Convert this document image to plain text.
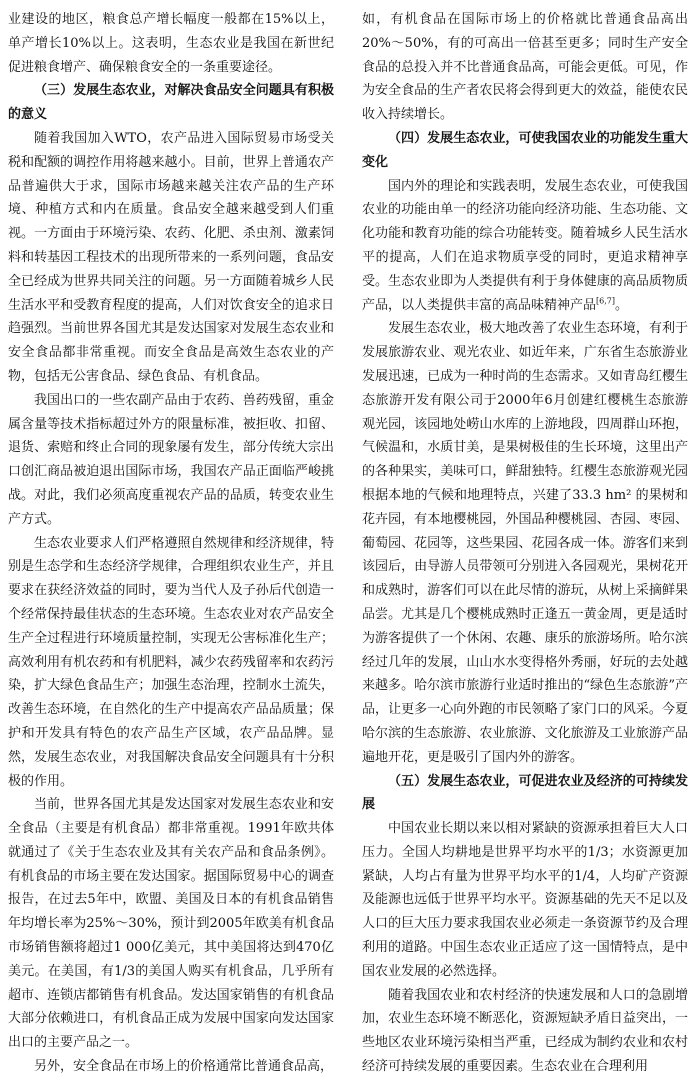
业建设的地区，粮食总产增长幅度一般都在15%以上，单产增长10%以上。这表明，生态农业是我国在新世纪促进粮食增产、确保粮食安全的一条重要途径。

（三）发展生态农业，对解决食品安全问题具有积极的意义

随着我国加入WTO，农产品进入国际贸易市场受关税和配额的调控作用将越来越小。目前，世界上普通农产品普遍供大于求，国际市场越来越关注农产品的生产环境、种植方式和内在质量。食品安全越来越受到人们重视。一方面由于环境污染、农药、化肥、杀虫剂、激素饲料和转基因工程技术的出现所带来的一系列问题，食品安全已经成为世界共同关注的问题。另一方面随着城乡人民生活水平和受教育程度的提高，人们对饮食安全的追求日趋强烈。当前世界各国尤其是发达国家对发展生态农业和安全食品都非常重视。而安全食品是高效生态农业的产物，包括无公害食品、绿色食品、有机食品。

我国出口的一些农副产品由于农药、兽药残留，重金属含量等技术指标超过外方的限量标准，被拒收、扣留、退货、索赔和终止合同的现象屡有发生，部分传统大宗出口创汇商品被迫退出国际市场，我国农产品正面临严峻挑战。对此，我们必须高度重视农产品的品质，转变农业生产方式。

生态农业要求人们严格遵照自然规律和经济规律，特别是生态学和生态经济学规律，合理组织农业生产，并且要求在获经济效益的同时，要为当代人及子孙后代创造一个经常保持最佳状态的生态环境。生态农业对农产品安全生产全过程进行环境质量控制，实现无公害标准化生产；高效利用有机农药和有机肥料，减少农药残留率和农药污染，扩大绿色食品生产；加强生态治理，控制水土流失，改善生态环境，在自然化的生产中提高农产品品质量；保护和开发具有特色的农产品生产区域，农产品品牌。显然，发展生态农业，对我国解决食品安全问题具有十分积极的作用。

当前，世界各国尤其是发达国家对发展生态农业和安全食品（主要是有机食品）都非常重视。1991年欧共体就通过了《关于生态农业及其有关农产品和食品条例》。有机食品的市场主要在发达国家。据国际贸易中心的调查报告，在过去5年中，欧盟、美国及日本的有机食品销售年均增长率为25%～30%，预计到2005年欧美有机食品市场销售额将超过1 000亿美元，其中美国将达到470亿美元。在美国，有1/3的美国人购买有机食品，几乎所有超市、连锁店都销售有机食品。发达国家销售的有机食品大部分依赖进口，有机食品正成为发展中国家向发达国家出口的主要产品之一。

另外，安全食品在市场上的价格通常比普通食品高，

如，有机食品在国际市场上的价格就比普通食品高出20%～50%，有的可高出一倍甚至更多；同时生产安全食品的总投入并不比普通食品高，可能会更低。可见，作为安全食品的生产者农民将会得到更大的效益，能使农民收入持续增长。

（四）发展生态农业，可使我国农业的功能发生重大变化

国内外的理论和实践表明，发展生态农业，可使我国农业的功能由单一的经济功能向经济功能、生态功能、文化功能和教育功能的综合功能转变。随着城乡人民生活水平的提高，人们在追求物质享受的同时，更追求精神享受。生态农业即为人类提供有利于身体健康的高品质物质产品，以人类提供丰富的高品味精神产品[6,7]。

发展生态农业，极大地改善了农业生态环境，有利于发展旅游农业、观光农业、如近年来，广东省生态旅游业发展迅速，已成为一种时尚的生态需求。又如青岛红樱生态旅游开发有限公司于2000年6月创建红樱桃生态旅游观光园，该园地处崂山水库的上游地段，四周群山环抱，气候温和，水质甘美，是果树极佳的生长环境，这里出产的各种果实，美味可口，鲜甜独特。红樱生态旅游观光园根据本地的气候和地理特点，兴建了33.3 hm² 的果树和花卉园，有本地樱桃园，外国品种樱桃园、杏园、枣园、葡萄园、花园等，这些果园、花园各成一体。游客们来到该园后，由导游人员带领可分别进入各园观光，果树花开和成熟时，游客们可以在此尽情的游玩，从树上采摘鲜果品尝。尤其是几个樱桃成熟时正逢五一黄金周，更是适时为游客提供了一个休闲、农趣、康乐的旅游场所。哈尔滨经过几年的发展，山山水水变得格外秀丽，好玩的去处越来越多。哈尔滨市旅游行业适时推出的“绿色生态旅游”产品，让更多一心向外跑的市民领略了家门口的风采。今夏哈尔滨的生态旅游、农业旅游、文化旅游及工业旅游产品遍地开花，更是吸引了国内外的游客。

（五）发展生态农业，可促进农业及经济的可持续发展

中国农业长期以来以相对紧缺的资源承担着巨大人口压力。全国人均耕地是世界平均水平的1/3；水资源更加紧缺，人均占有量为世界平均水平的1/4，人均矿产资源及能源也远低于世界平均水平。资源基础的先天不足以及人口的巨大压力要求我国农业必须走一条资源节约及合理利用的道路。中国生态农业正适应了这一国情特点，是中国农业发展的必然选择。

随着我国农业和农村经济的快速发展和人口的急剧增加，农业生态环境不断恶化，资源短缺矛盾日益突出，一些地区农业环境污染相当严重，已经成为制约农业和农村经济可持续发展的重要因素。生态农业在合理利用
